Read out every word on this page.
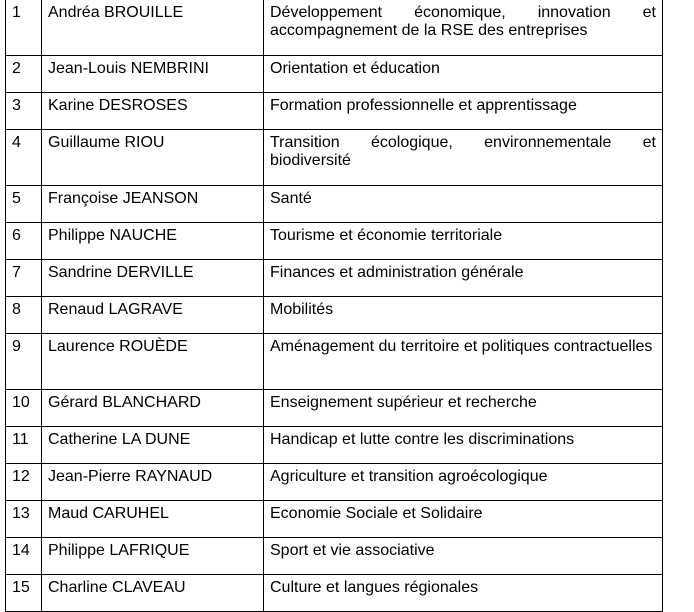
1	Andréa BROUILLE	Développement économique, innovation et accompagnement de la RSE des entreprises

2	Jean-Louis NEMBRINI	Orientation et éducation

3	Karine DESROSES	Formation professionnelle et apprentissage

4	Guillaume RIOU	Transition écologique, environnementale et biodiversité

5	Françoise JEANSON	Santé

6	Philippe NAUCHE	Tourisme et économie territoriale

7	Sandrine DERVILLE	Finances et administration générale

8	Renaud LAGRAVE	Mobilités

9	Laurence ROUÈDE	Aménagement du territoire et politiques contractuelles

10	Gérard BLANCHARD	Enseignement supérieur et recherche

11	Catherine LA DUNE	Handicap et lutte contre les discriminations

12	Jean-Pierre RAYNAUD	Agriculture et transition agroécologique

13	Maud CARUHEL	Economie Sociale et Solidaire

14	Philippe LAFRIQUE	Sport et vie associative

15	Charline CLAVEAU	Culture et langues régionales
